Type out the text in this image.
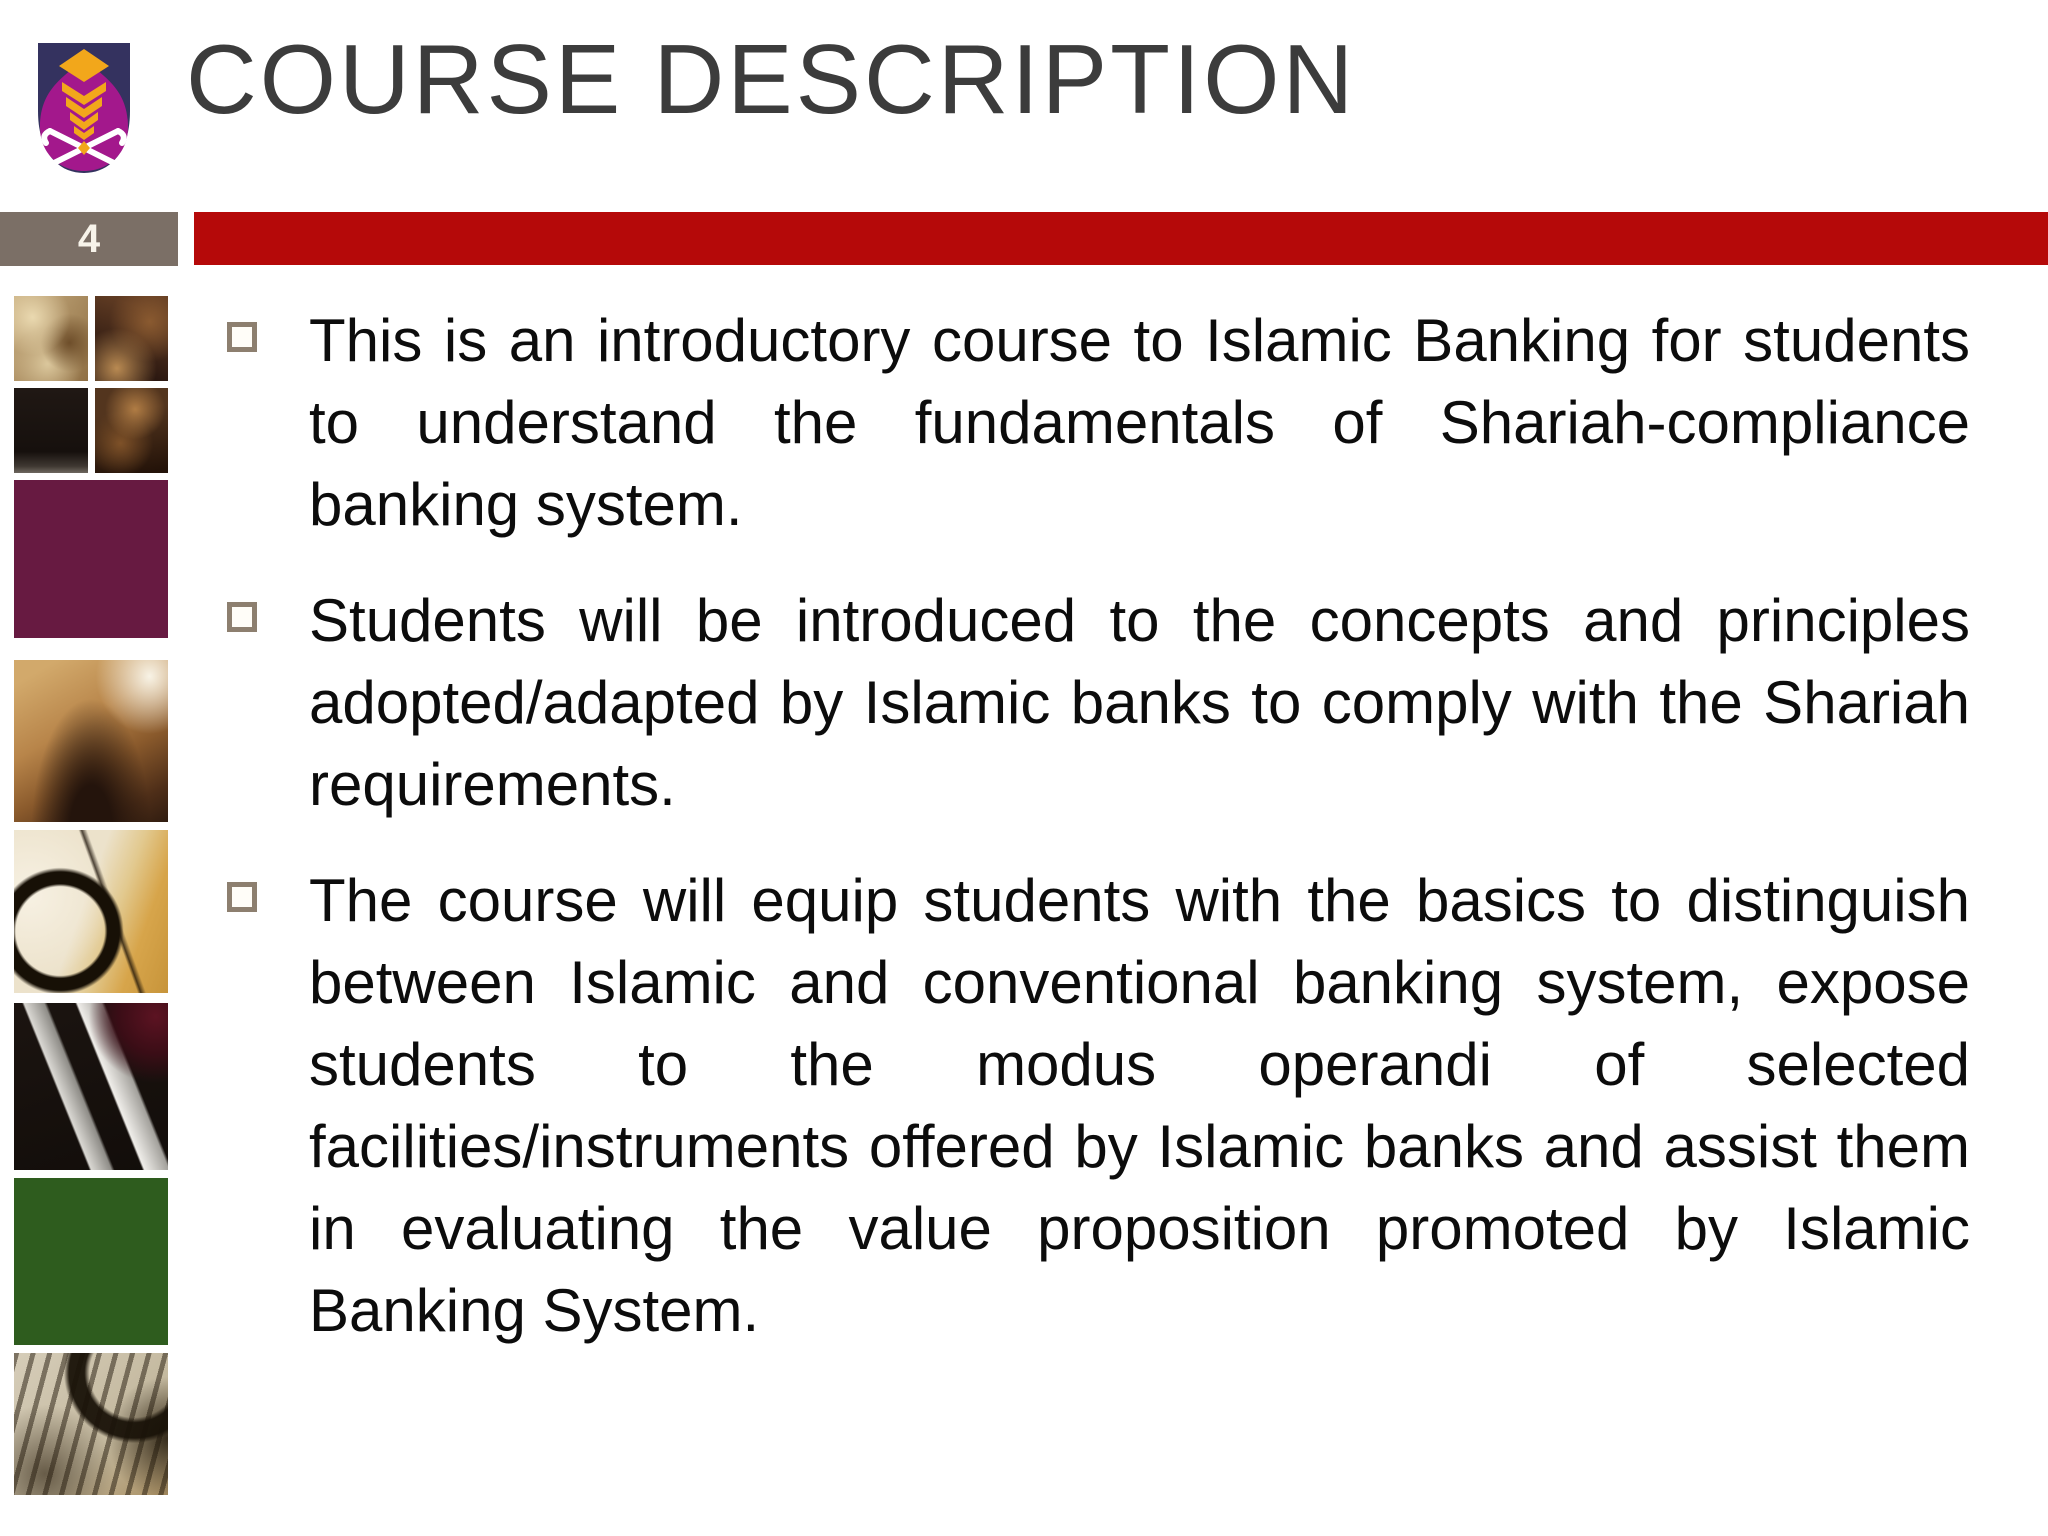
COURSE DESCRIPTION
4
This is an introductory course to Islamic Banking for students to understand the fundamentals of Shariah-compliance banking system.
Students will be introduced to the concepts and principles adopted/adapted by Islamic banks to comply with the Shariah requirements.
The course will equip students with the basics to distinguish between Islamic and conventional banking system, expose students to the modus operandi of selected facilities/instruments offered by Islamic banks and assist them in evaluating the value proposition promoted by Islamic Banking System.
